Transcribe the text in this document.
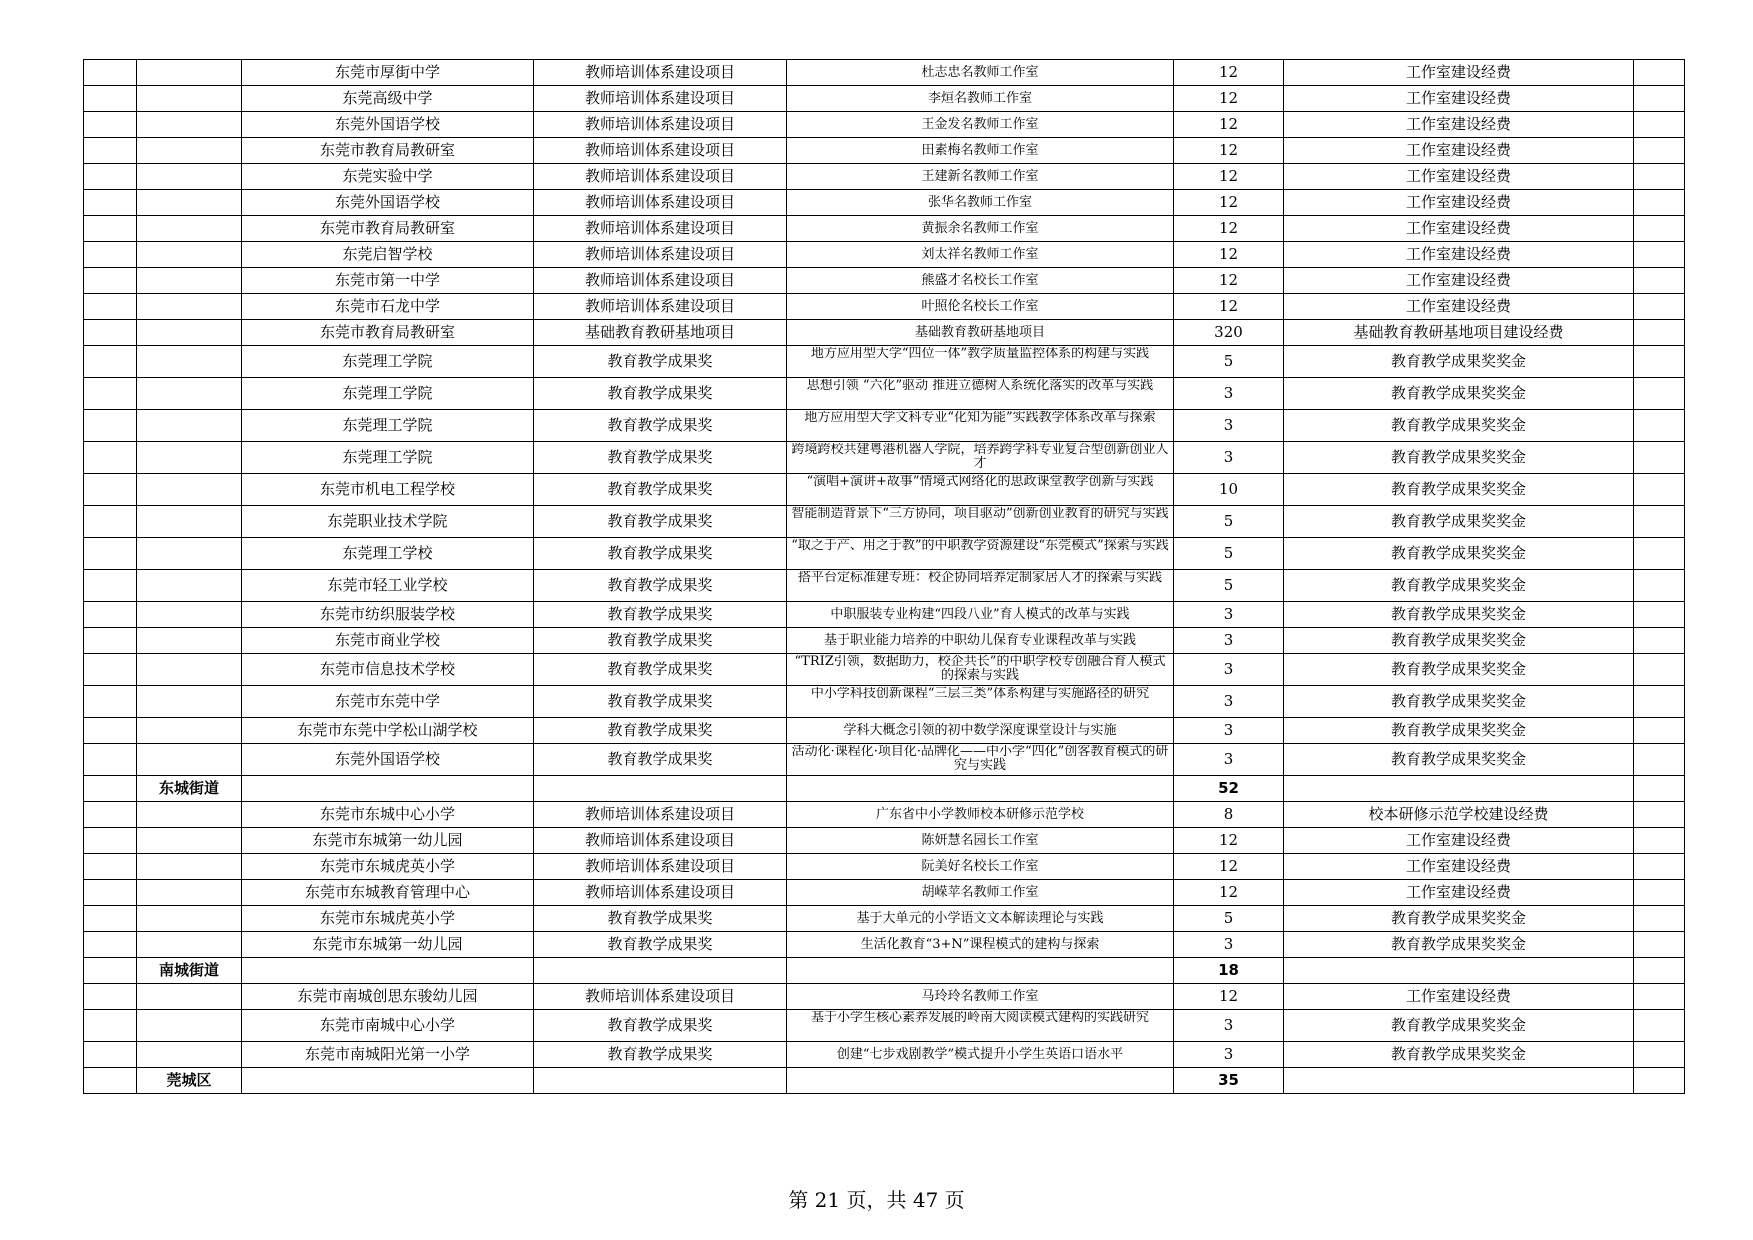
		东莞市厚街中学	教师培训体系建设项目	杜志忠名教师工作室	12	工作室建设经费	
		东莞高级中学	教师培训体系建设项目	李烜名教师工作室	12	工作室建设经费	
		东莞外国语学校	教师培训体系建设项目	王金发名教师工作室	12	工作室建设经费	
		东莞市教育局教研室	教师培训体系建设项目	田素梅名教师工作室	12	工作室建设经费	
		东莞实验中学	教师培训体系建设项目	王建新名教师工作室	12	工作室建设经费	
		东莞外国语学校	教师培训体系建设项目	张华名教师工作室	12	工作室建设经费	
		东莞市教育局教研室	教师培训体系建设项目	黄振余名教师工作室	12	工作室建设经费	
		东莞启智学校	教师培训体系建设项目	刘太祥名教师工作室	12	工作室建设经费	
		东莞市第一中学	教师培训体系建设项目	熊盛才名校长工作室	12	工作室建设经费	
		东莞市石龙中学	教师培训体系建设项目	叶照伦名校长工作室	12	工作室建设经费	
		东莞市教育局教研室	基础教育教研基地项目	基础教育教研基地项目	320	基础教育教研基地项目建设经费	
		东莞理工学院	教育教学成果奖	地方应用型大学“四位一体”教学质量监控体系的构建与实践	5	教育教学成果奖奖金	
		东莞理工学院	教育教学成果奖	思想引领 “六化”驱动 推进立德树人系统化落实的改革与实践	3	教育教学成果奖奖金	
		东莞理工学院	教育教学成果奖	地方应用型大学文科专业“化知为能”实践教学体系改革与探索	3	教育教学成果奖奖金	
		东莞理工学院	教育教学成果奖	跨境跨校共建粤港机器人学院，培养跨学科专业复合型创新创业人才	3	教育教学成果奖奖金	
		东莞市机电工程学校	教育教学成果奖	“演唱+演讲+故事”情境式网络化的思政课堂教学创新与实践	10	教育教学成果奖奖金	
		东莞职业技术学院	教育教学成果奖	智能制造背景下“三方协同，项目驱动”创新创业教育的研究与实践	5	教育教学成果奖奖金	
		东莞理工学校	教育教学成果奖	“取之于产、用之于教”的中职教学资源建设“东莞模式”探索与实践	5	教育教学成果奖奖金	
		东莞市轻工业学校	教育教学成果奖	搭平台定标准建专班：校企协同培养定制家居人才的探索与实践	5	教育教学成果奖奖金	
		东莞市纺织服装学校	教育教学成果奖	中职服装专业构建“四段八业”育人模式的改革与实践	3	教育教学成果奖奖金	
		东莞市商业学校	教育教学成果奖	基于职业能力培养的中职幼儿保育专业课程改革与实践	3	教育教学成果奖奖金	
		东莞市信息技术学校	教育教学成果奖	“TRIZ引领，数据助力，校企共长”的中职学校专创融合育人模式的探索与实践	3	教育教学成果奖奖金	
		东莞市东莞中学	教育教学成果奖	中小学科技创新课程“三层三类”体系构建与实施路径的研究	3	教育教学成果奖奖金	
		东莞市东莞中学松山湖学校	教育教学成果奖	学科大概念引领的初中数学深度课堂设计与实施	3	教育教学成果奖奖金	
		东莞外国语学校	教育教学成果奖	活动化·课程化·项目化·品牌化——中小学“四化”创客教育模式的研究与实践	3	教育教学成果奖奖金	
	东城街道				52		
		东莞市东城中心小学	教师培训体系建设项目	广东省中小学教师校本研修示范学校	8	校本研修示范学校建设经费	
		东莞市东城第一幼儿园	教师培训体系建设项目	陈妍慧名园长工作室	12	工作室建设经费	
		东莞市东城虎英小学	教师培训体系建设项目	阮美好名校长工作室	12	工作室建设经费	
		东莞市东城教育管理中心	教师培训体系建设项目	胡嵘苹名教师工作室	12	工作室建设经费	
		东莞市东城虎英小学	教育教学成果奖	基于大单元的小学语文文本解读理论与实践	5	教育教学成果奖奖金	
		东莞市东城第一幼儿园	教育教学成果奖	生活化教育“3+N”课程模式的建构与探索	3	教育教学成果奖奖金	
	南城街道				18		
		东莞市南城创思东骏幼儿园	教师培训体系建设项目	马玲玲名教师工作室	12	工作室建设经费	
		东莞市南城中心小学	教育教学成果奖	基于小学生核心素养发展的岭南大阅读模式建构的实践研究	3	教育教学成果奖奖金	
		东莞市南城阳光第一小学	教育教学成果奖	创建“七步戏剧教学”模式提升小学生英语口语水平	3	教育教学成果奖奖金	
	莞城区				35		
第 21 页，共 47 页
